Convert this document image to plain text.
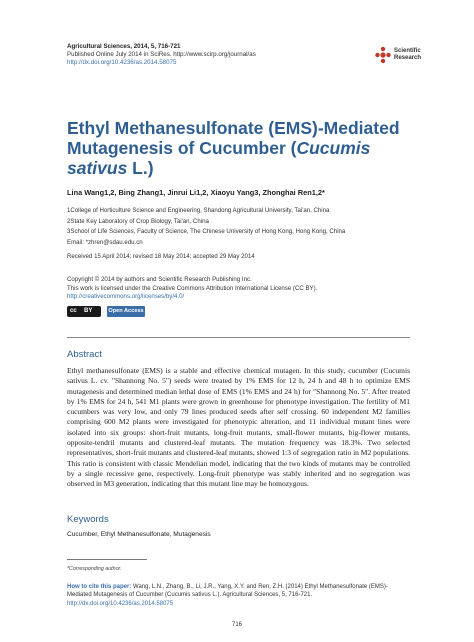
Agricultural Sciences, 2014, 5, 716-721
Published Online July 2014 in SciRes. http://www.scirp.org/journal/as
http://dx.doi.org/10.4236/as.2014.58075
Scientific
Research
Ethyl Methanesulfonate (EMS)-Mediated
Mutagenesis of Cucumber (Cucumis sativus L.)
Lina Wang1,2, Bing Zhang1, Jinrui Li1,2, Xiaoyu Yang3, Zhonghai Ren1,2*
1College of Horticulture Science and Engineering, Shandong Agricultural University, Tai'an, China
2State Key Laboratory of Crop Biology, Tai'an, China
3School of Life Sciences, Faculty of Science, The Chinese University of Hong Kong, Hong Kong, China
Email: *zhren@sdau.edu.cn
Received 15 April 2014; revised 18 May 2014; accepted 29 May 2014
Copyright © 2014 by authors and Scientific Research Publishing Inc.
This work is licensed under the Creative Commons Attribution International License (CC BY).
http://creativecommons.org/licenses/by/4.0/
cc BY	Open Access
Abstract
Ethyl methanesulfonate (EMS) is a stable and effective chemical mutagen. In this study, cucumber (Cucumis sativus L. cv. "Shannong No. 5") seeds were treated by 1% EMS for 12 h, 24 h and 48 h to optimize EMS mutagenesis and determined median lethal dose of EMS (1% EMS and 24 h) for "Shannong No. 5". After treated by 1% EMS for 24 h, 541 M1 plants were grown in greenhouse for phenotype investigation. The fertility of M1 cucumbers was very low, and only 79 lines produced seeds after self crossing. 60 independent M2 families comprising 600 M2 plants were investigated for phenotypic alteration, and 11 individual mutant lines were isolated into six groups: short-fruit mutants, long-fruit mutants, small-flower mutants, big-flower mutants, opposite-tendril mutants and clustered-leaf mutants. The mutation frequency was 18.3%. Two selected representatives, short-fruit mutants and clustered-leaf mutants, showed 1:3 of segregation ratio in M2 populations. This ratio is consistent with classic Mendelian model, indicating that the two kinds of mutants may be controlled by a single recessive gene, respectively. Long-fruit phenotype was stably inherited and no segregation was observed in M3 generation, indicating that this mutant line may be homozygous.
Keywords
Cucumber, Ethyl Methanesulfonate, Mutagenesis
*Corresponding author.
How to cite this paper: Wang, L.N., Zhang, B., Li, J.R., Yang, X.Y. and Ren, Z.H. (2014) Ethyl Methanesulfonate (EMS)-Mediated Mutagenesis of Cucumber (Cucumis sativus L.). Agricultural Sciences, 5, 716-721.
http://dx.doi.org/10.4236/as.2014.58075
716
